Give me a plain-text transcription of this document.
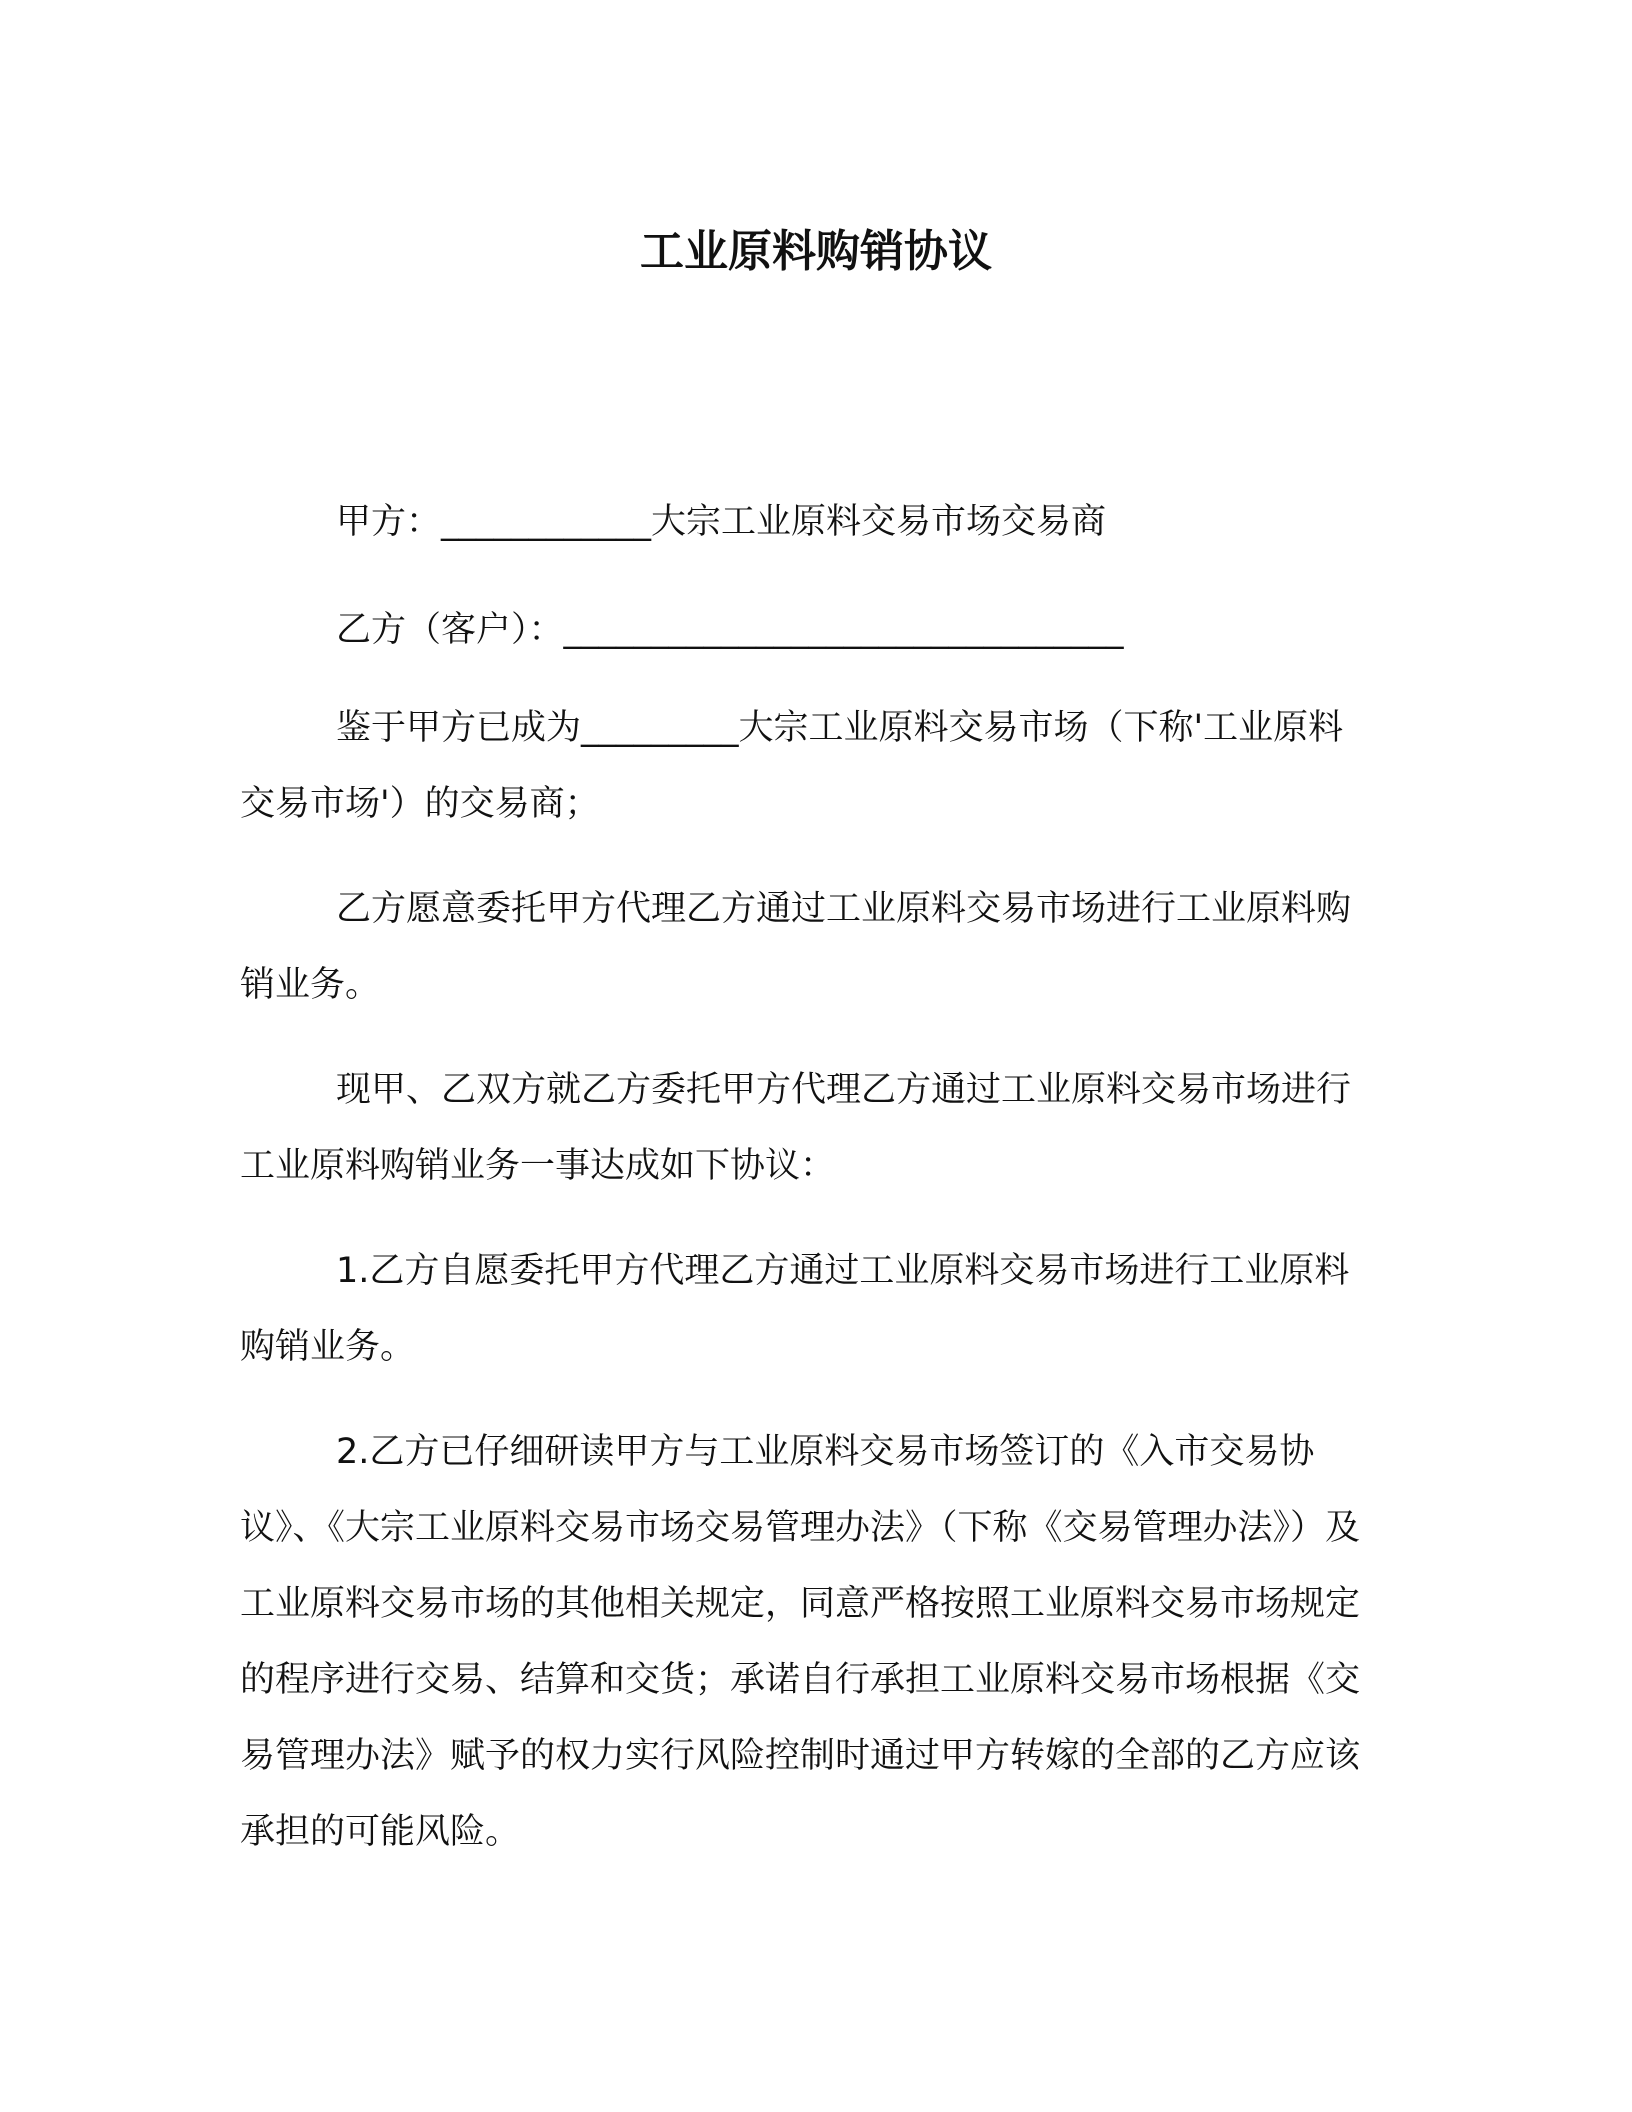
工业原料购销协议

甲方：____________大宗工业原料交易市场交易商

乙方（客户）：________________________________

鉴于甲方已成为_________大宗工业原料交易市场（下称'工业原料交易市场'）的交易商；

乙方愿意委托甲方代理乙方通过工业原料交易市场进行工业原料购销业务。

现甲、乙双方就乙方委托甲方代理乙方通过工业原料交易市场进行工业原料购销业务一事达成如下协议：

1.乙方自愿委托甲方代理乙方通过工业原料交易市场进行工业原料购销业务。

2.乙方已仔细研读甲方与工业原料交易市场签订的《入市交易协议》、《大宗工业原料交易市场交易管理办法》（下称《交易管理办法》）及工业原料交易市场的其他相关规定，同意严格按照工业原料交易市场规定的程序进行交易、结算和交货；承诺自行承担工业原料交易市场根据《交易管理办法》赋予的权力实行风险控制时通过甲方转嫁的全部的乙方应该承担的可能风险。
